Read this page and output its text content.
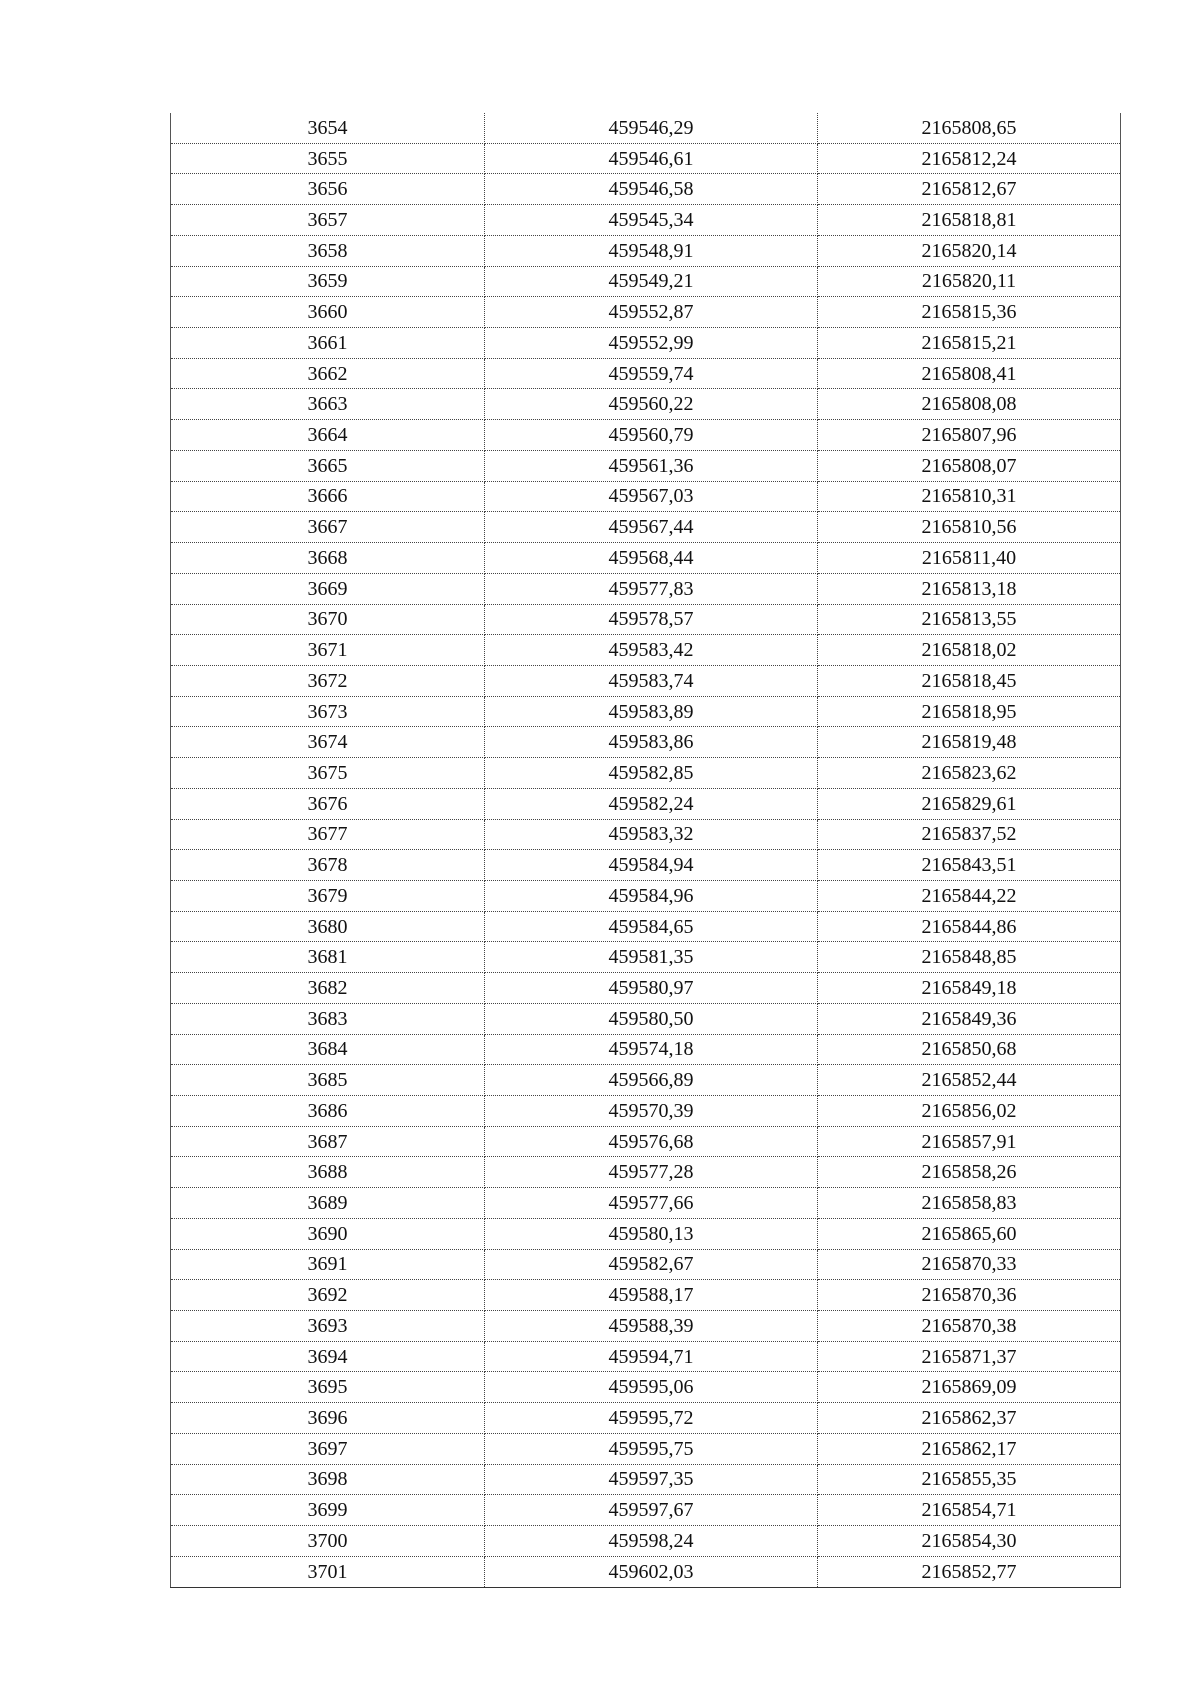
3654	459546,29	2165808,65
3655	459546,61	2165812,24
3656	459546,58	2165812,67
3657	459545,34	2165818,81
3658	459548,91	2165820,14
3659	459549,21	2165820,11
3660	459552,87	2165815,36
3661	459552,99	2165815,21
3662	459559,74	2165808,41
3663	459560,22	2165808,08
3664	459560,79	2165807,96
3665	459561,36	2165808,07
3666	459567,03	2165810,31
3667	459567,44	2165810,56
3668	459568,44	2165811,40
3669	459577,83	2165813,18
3670	459578,57	2165813,55
3671	459583,42	2165818,02
3672	459583,74	2165818,45
3673	459583,89	2165818,95
3674	459583,86	2165819,48
3675	459582,85	2165823,62
3676	459582,24	2165829,61
3677	459583,32	2165837,52
3678	459584,94	2165843,51
3679	459584,96	2165844,22
3680	459584,65	2165844,86
3681	459581,35	2165848,85
3682	459580,97	2165849,18
3683	459580,50	2165849,36
3684	459574,18	2165850,68
3685	459566,89	2165852,44
3686	459570,39	2165856,02
3687	459576,68	2165857,91
3688	459577,28	2165858,26
3689	459577,66	2165858,83
3690	459580,13	2165865,60
3691	459582,67	2165870,33
3692	459588,17	2165870,36
3693	459588,39	2165870,38
3694	459594,71	2165871,37
3695	459595,06	2165869,09
3696	459595,72	2165862,37
3697	459595,75	2165862,17
3698	459597,35	2165855,35
3699	459597,67	2165854,71
3700	459598,24	2165854,30
3701	459602,03	2165852,77
